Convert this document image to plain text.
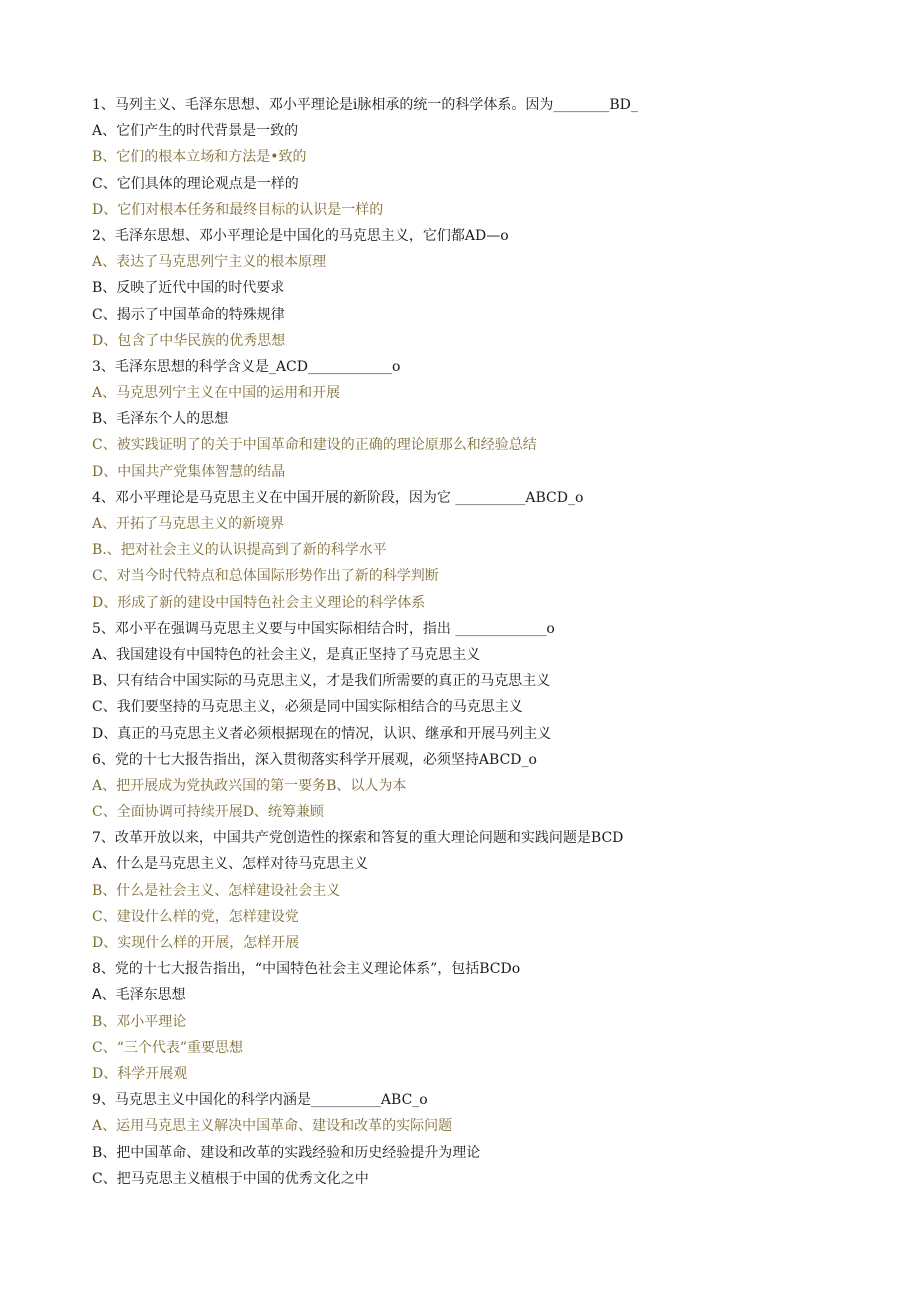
1、马列主义、毛泽东思想、邓小平理论是i脉相承的统一的科学体系。因为________BD_
A、它们产生的时代背景是一致的
B、它们的根本立场和方法是•致的
C、它们具体的理论观点是一样的
D、它们对根本任务和最终目标的认识是一样的
2、毛泽东思想、邓小平理论是中国化的马克思主义，它们都AD—o
A、表达了马克思列宁主义的根本原理
B、反映了近代中国的时代要求
C、揭示了中国革命的特殊规律
D、包含了中华民族的优秀思想
3、毛泽东思想的科学含义是_ACD____________o
A、马克思列宁主义在中国的运用和开展
B、毛泽东个人的思想
C、被实践证明了的关于中国革命和建设的正确的理论原那么和经验总结
D、中国共产党集体智慧的结晶
4、邓小平理论是马克思主义在中国开展的新阶段，因为它 __________ABCD_o
A、开拓了马克思主义的新境界
B.、把对社会主义的认识提高到了新的科学水平
C、对当今时代特点和总体国际形势作出了新的科学判断
D、形成了新的建设中国特色社会主义理论的科学体系
5、邓小平在强调马克思主义要与中国实际相结合时，指出 _____________o
A、我国建设有中国特色的社会主义，是真正坚持了马克思主义
B、只有结合中国实际的马克思主义，才是我们所需要的真正的马克思主义
C、我们要坚持的马克思主义，必须是同中国实际相结合的马克思主义
D、真正的马克思主义者必须根据现在的情况，认识、继承和开展马列主义
6、党的十七大报告指出，深入贯彻落实科学开展观，必须坚持ABCD_o
A、把开展成为党执政兴国的第一要务B、以人为本
C、全面协调可持续开展D、统筹兼顾
7、改革开放以来，中国共产党创造性的探索和答复的重大理论问题和实践问题是BCD
A、什么是马克思主义、怎样对待马克思主义
B、什么是社会主义、怎样建设社会主义
C、建设什么样的党，怎样建设党
D、实现什么样的开展，怎样开展
8、党的十七大报告指出，“中国特色社会主义理论体系”，包括BCDo
A、毛泽东思想
B、邓小平理论
C、“三个代表”重要思想
D、科学开展观
9、马克思主义中国化的科学内涵是__________ABC_o
A、运用马克思主义解决中国革命、建设和改革的实际问题
B、把中国革命、建设和改革的实践经验和历史经验提升为理论
C、把马克思主义植根于中国的优秀文化之中
